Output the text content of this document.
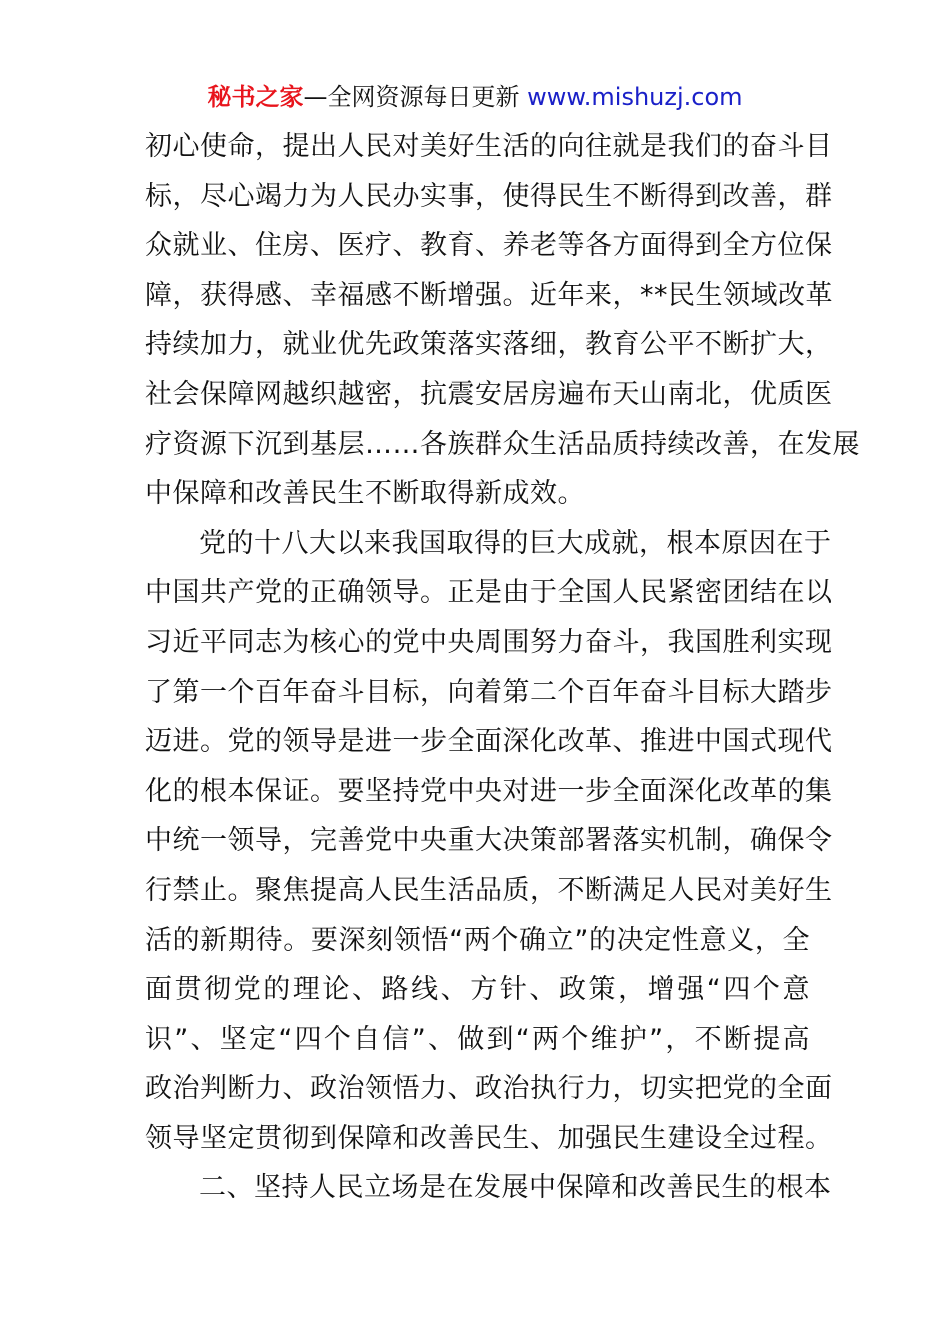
秘书之家—全网资源每日更新 www.mishuzj.com
初心使命，提出人民对美好生活的向往就是我们的奋斗目
标，尽心竭力为人民办实事，使得民生不断得到改善，群
众就业、住房、医疗、教育、养老等各方面得到全方位保
障，获得感、幸福感不断增强。近年来，**民生领域改革
持续加力，就业优先政策落实落细，教育公平不断扩大，
社会保障网越织越密，抗震安居房遍布天山南北，优质医
疗资源下沉到基层……各族群众生活品质持续改善，在发展
中保障和改善民生不断取得新成效。
党的十八大以来我国取得的巨大成就，根本原因在于
中国共产党的正确领导。正是由于全国人民紧密团结在以
习近平同志为核心的党中央周围努力奋斗，我国胜利实现
了第一个百年奋斗目标，向着第二个百年奋斗目标大踏步
迈进。党的领导是进一步全面深化改革、推进中国式现代
化的根本保证。要坚持党中央对进一步全面深化改革的集
中统一领导，完善党中央重大决策部署落实机制，确保令
行禁止。聚焦提高人民生活品质，不断满足人民对美好生
活的新期待。要深刻领悟“两个确立”的决定性意义，全
面贯彻党的理论、路线、方针、政策，增强“四个意
识”、坚定“四个自信”、做到“两个维护”，不断提高
政治判断力、政治领悟力、政治执行力，切实把党的全面
领导坚定贯彻到保障和改善民生、加强民生建设全过程。
二、坚持人民立场是在发展中保障和改善民生的根本
